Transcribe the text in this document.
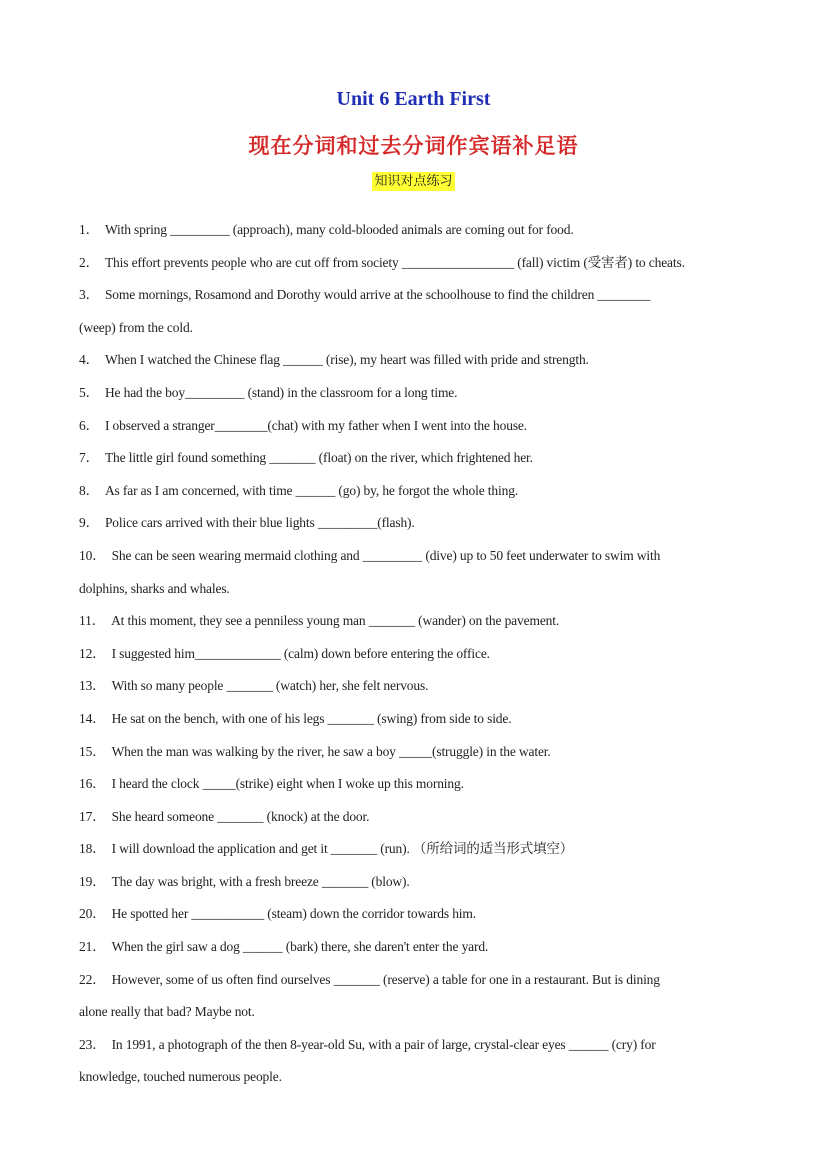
Unit 6 Earth First
现在分词和过去分词作宾语补足语
知识对点练习
1． With spring _________ (approach), many cold-blooded animals are coming out for food.
2． This effort prevents people who are cut off from society _________________ (fall) victim (受害者) to cheats.
3． Some mornings, Rosamond and Dorothy would arrive at the schoolhouse to find the children ________
(weep) from the cold.
4． When I watched the Chinese flag ______ (rise), my heart was filled with pride and strength.
5． He had the boy_________ (stand) in the classroom for a long time.
6． I observed a stranger________(chat) with my father when I went into the house.
7． The little girl found something _______ (float) on the river, which frightened her.
8． As far as I am concerned, with time ______ (go) by, he forgot the whole thing.
9． Police cars arrived with their blue lights _________(flash).
10． She can be seen wearing mermaid clothing and _________ (dive) up to 50 feet underwater to swim with
dolphins, sharks and whales.
11． At this moment, they see a penniless young man _______ (wander) on the pavement.
12． I suggested him_____________ (calm) down before entering the office.
13． With so many people _______ (watch) her, she felt nervous.
14． He sat on the bench, with one of his legs _______ (swing) from side to side.
15． When the man was walking by the river, he saw a boy _____(struggle) in the water.
16． I heard the clock _____(strike) eight when I woke up this morning.
17． She heard someone _______ (knock) at the door.
18． I will download the application and get it _______ (run). （所给词的适当形式填空）
19． The day was bright, with a fresh breeze _______ (blow).
20． He spotted her ___________ (steam) down the corridor towards him.
21． When the girl saw a dog ______ (bark) there, she daren't enter the yard.
22． However, some of us often find ourselves _______ (reserve) a table for one in a restaurant. But is dining
alone really that bad? Maybe not.
23． In 1991, a photograph of the then 8-year-old Su, with a pair of large, crystal-clear eyes ______ (cry) for
knowledge, touched numerous people.
